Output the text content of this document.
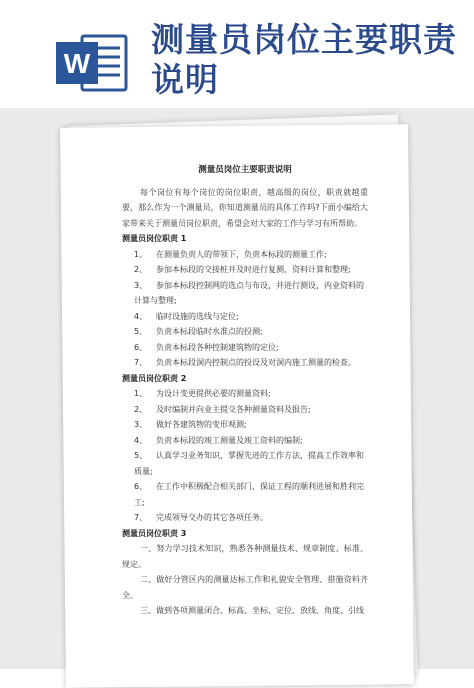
W
测量员岗位主要职责说明
测量员岗位主要职责说明
每个岗位有每个岗位的岗位职责，越高级的岗位，职责就越重要，那么作为一个测量员，你知道测量员的具体工作吗?下面小编给大家带来关于测量员岗位职责，希望会对大家的工作与学习有所帮助。
测量员岗位职责 1
1、 在测量负责人的带领下，负责本标段的测量工作;
2、 参加本标段的交接桩并及时进行复测，资料计算和整理;
3、 参加本标段控制网的选点与布设，并进行测设，内业资料的计算与整理;
4、 临时设施的选线与定位;
5、 负责本标段临时水准点的投测;
6、 负责本标段各种控制建筑物的定位;
7、 负责本标段洞内控制点的投设及对洞内施工测量的检查。
测量员岗位职责 2
1、 为设计变更提供必要的测量资料;
2、 及时编制并向业主提交各种测量资料及报告;
3、 做好各建筑物的变形观测;
4、 负责本标段的竣工测量及竣工资料的编制;
5、 认真学习业务知识，掌握先进的工作方法，提高工作效率和质量;
6、 在工作中积极配合相关部门，保证工程的顺利进展和胜利完工;
7、 完成领导交办的其它各项任务。
测量员岗位职责 3
一、努力学习技术知识，熟悉各种测量技术、规章制度、标准、规定。
二、做好分管区内的测量达标工作和礼貌安全管理、措施资料齐全。
三、做到各项测量闭合、标高、坐标、定位、放线、角度、引线
